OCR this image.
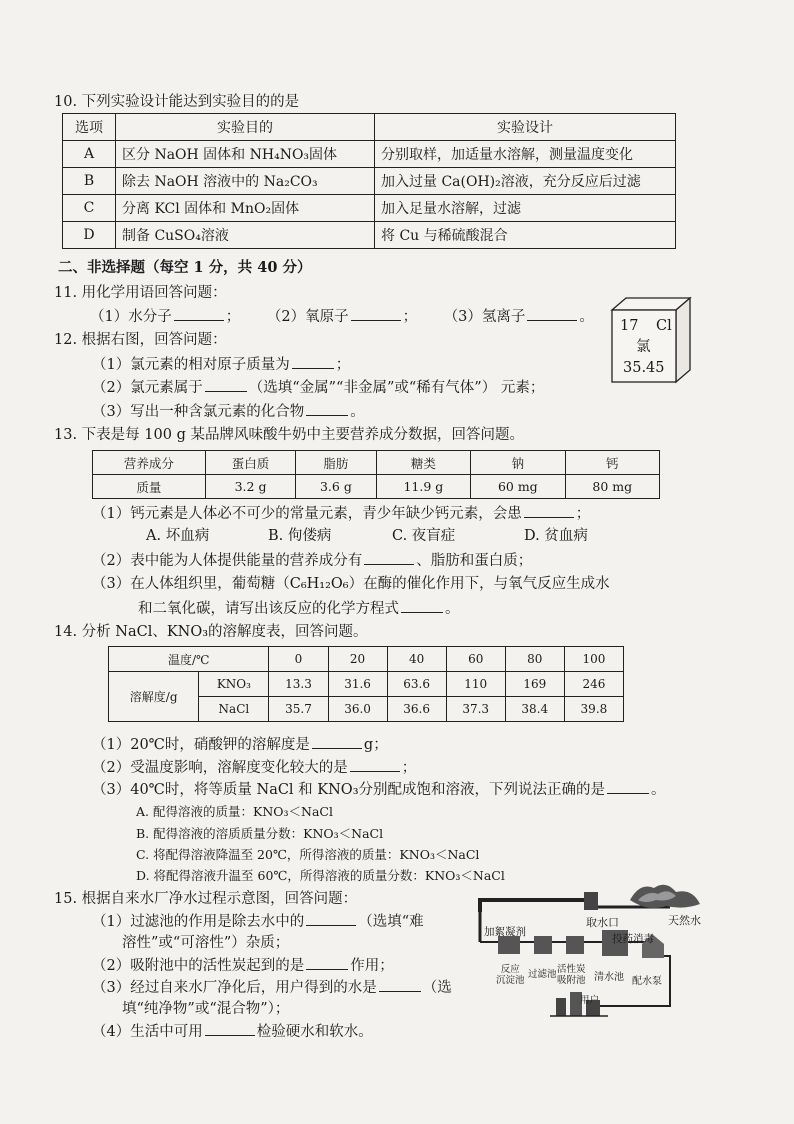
10. 下列实验设计能达到实验目的的是
选项	实验目的	实验设计
A	区分 NaOH 固体和 NH₄NO₃固体	分别取样，加适量水溶解，测量温度变化
B	除去 NaOH 溶液中的 Na₂CO₃	加入过量 Ca(OH)₂溶液，充分反应后过滤
C	分离 KCl 固体和 MnO₂固体	加入足量水溶解，过滤
D	制备 CuSO₄溶液	将 Cu 与稀硫酸混合
二、非选择题（每空 1 分，共 40 分）
11. 用化学用语回答问题：
（1）水分子	； （2）氧原子	； （3）氢离子	。
17 Cl
氯
35.45
12. 根据右图，回答问题：
（1）氯元素的相对原子质量为	；
（2）氯元素属于	（选填“金属”“非金属”或“稀有气体”） 元素；
（3）写出一种含氯元素的化合物	。
13. 下表是每 100 g 某品牌风味酸牛奶中主要营养成分数据，回答问题。
营养成分	蛋白质	脂肪	糖类	钠	钙
质量	3.2 g	3.6 g	11.9 g	60 mg	80 mg
（1）钙元素是人体必不可少的常量元素，青少年缺少钙元素，会患	；
A. 坏血病	B. 佝偻病	C. 夜盲症	D. 贫血病
（2）表中能为人体提供能量的营养成分有	、脂肪和蛋白质；
（3）在人体组织里，葡萄糖（C₆H₁₂O₆）在酶的催化作用下，与氧气反应生成水
和二氧化碳，请写出该反应的化学方程式	。
14. 分析 NaCl、KNO₃的溶解度表，回答问题。
温度/℃		0	20	40	60	80	100
溶解度/g	KNO₃	13.3	31.6	63.6	110	169	246
	NaCl	35.7	36.0	36.6	37.3	38.4	39.8
（1）20℃时，硝酸钾的溶解度是	g；
（2）受温度影响，溶解度变化较大的是	；
（3）40℃时，将等质量 NaCl 和 KNO₃分别配成饱和溶液，下列说法正确的是	。
A. 配得溶液的质量：KNO₃＜NaCl
B. 配得溶液的溶质质量分数：KNO₃＜NaCl
C. 将配得溶液降温至 20℃，所得溶液的质量：KNO₃＜NaCl
D. 将配得溶液升温至 60℃，所得溶液的质量分数：KNO₃＜NaCl
15. 根据自来水厂净水过程示意图，回答问题：
（1）过滤池的作用是除去水中的	（选填“难
溶性”或“可溶性”）杂质；
（2）吸附池中的活性炭起到的是	作用；
（3）经过自来水厂净化后，用户得到的水是	（选
填“纯净物”或“混合物”）；
（4）生活中可用	检验硬水和软水。
取水口	天然水
加絮凝剂
投药消毒
反应
沉淀池
过滤池 活性炭
吸附池 清水池 配水泵
用户
